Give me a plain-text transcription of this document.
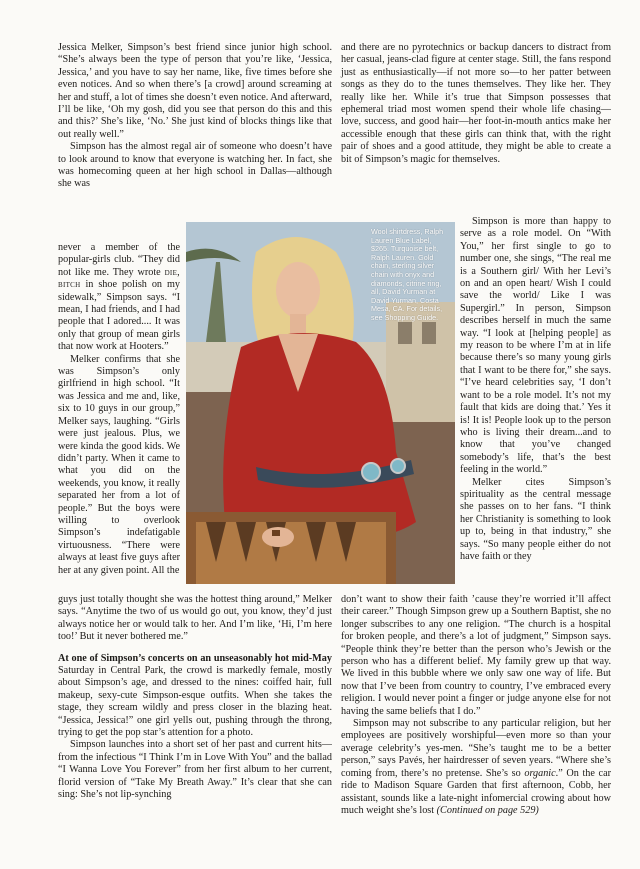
Jessica Melker, Simpson’s best friend since junior high school. “She’s always been the type of person that you’re like, ‘Jessica, Jessica,’ and you have to say her name, like, five times before she even notices. And so when there’s [a crowd] around screaming at her and stuff, a lot of times she doesn’t even notice. And afterward, I’ll be like, ‘Oh my gosh, did you see that person do this and this and this?’ She’s like, ‘No.’ She just kind of blocks things like that out really well.”

Simpson has the almost regal air of someone who doesn’t have to look around to know that everyone is watching her. In fact, she was homecoming queen at her high school in Dallas—although she was

never a member of the popular-girls club. “They did not like me. They wrote die, bitch in shoe polish on my sidewalk,” Simpson says. “I mean, I had friends, and I had people that I adored.... It was only that group of mean girls that now work at Hooters.”

Melker confirms that she was Simpson’s only girlfriend in high school. “It was Jessica and me and, like, six to 10 guys in our group,” Melker says, laughing. “Girls were just jealous. Plus, we were kinda the good kids. We didn’t party. When it came to what you did on the weekends, you know, it really separated her from a lot of people.” But the boys were willing to overlook Simpson’s indefatigable virtuousness. “There were always at least five guys after her at any given point. All the

guys just totally thought she was the hottest thing around,” Melker says. “Anytime the two of us would go out, you know, they’d just always notice her or would talk to her. And I’m like, ‘Hi, I’m here too!’ But it never bothered me.”

At one of Simpson’s concerts on an unseasonably hot mid-May Saturday in Central Park, the crowd is markedly female, mostly about Simpson’s age, and dressed to the nines: coiffed hair, full makeup, sexy-cute Simpson-esque outfits. When she takes the stage, they scream wildly and press closer in the blazing heat. “Jessica, Jessica!” one girl yells out, pushing through the throng, trying to get the pop star’s attention for a photo.

Simpson launches into a short set of her past and current hits—from the infectious “I Think I’m in Love With You” and the ballad “I Wanna Love You Forever” from her first album to her current, florid version of “Take My Breath Away.” It’s clear that she can sing: She’s not lip-synching

and there are no pyrotechnics or backup dancers to distract from her casual, jeans-clad figure at center stage. Still, the fans respond just as enthusiastically—if not more so—to her patter between songs as they do to the tunes themselves. They like her. They really like her. While it’s true that Simpson possesses that ephemeral triad most women spend their whole life chasing—love, success, and good hair—her foot-in-mouth antics make her accessible enough that these girls can think that, with the right pair of shoes and a good attitude, they might be able to create a bit of Simpson’s magic for themselves.

Simpson is more than happy to serve as a role model. On “With You,” her first single to go to number one, she sings, “The real me is a Southern girl/ With her Levi’s on and an open heart/ Wish I could save the world/ Like I was Supergirl.” In person, Simpson describes herself in much the same way. “I look at [helping people] as my reason to be where I’m at in life because there’s so many young girls that I want to be there for,” she says. “I’ve heard celebrities say, ‘I don’t want to be a role model. It’s not my fault that kids are doing that.’ Yes it is! It is! People look up to the person who is living their dream...and to know that you’ve changed somebody’s life, that’s the best feeling in the world.”

Melker cites Simpson’s spirituality as the central message she passes on to her fans. “I think her Christianity is something to look up to, being in that industry,” she says. “So many people either do not have faith or they

don’t want to show their faith ’cause they’re worried it’ll affect their career.” Though Simpson grew up a Southern Baptist, she no longer subscribes to any one religion. “The church is a hospital for broken people, and there’s a lot of judgment,” Simpson says. “People think they’re better than the person who’s Jewish or the person who has a different belief. My family grew up that way. We lived in this bubble where we only saw one way of life. But now that I’ve been from country to country, I’ve embraced every religion. I would never point a finger or judge anyone else for not having the same beliefs that I do.”

Simpson may not subscribe to any particular religion, but her employees are positively worshipful—even more so than your average celebrity’s yes-men. “She’s taught me to be a better person,” says Pavés, her hairdresser of seven years. “Where she’s coming from, there’s no pretense. She’s so organic.” On the car ride to Madison Square Garden that first afternoon, Cobb, her assistant, sounds like a late-night infomercial crowing about how much weight she’s lost (Continued on page 529)

Wool shirtdress, Ralph Lauren Blue Label, $265. Turquoise belt, Ralph Lauren. Gold chain, sterling silver chain with onyx and diamonds, citrine ring, all, David Yurman at David Yurman, Costa Mesa, CA. For details, see Shopping Guide.
